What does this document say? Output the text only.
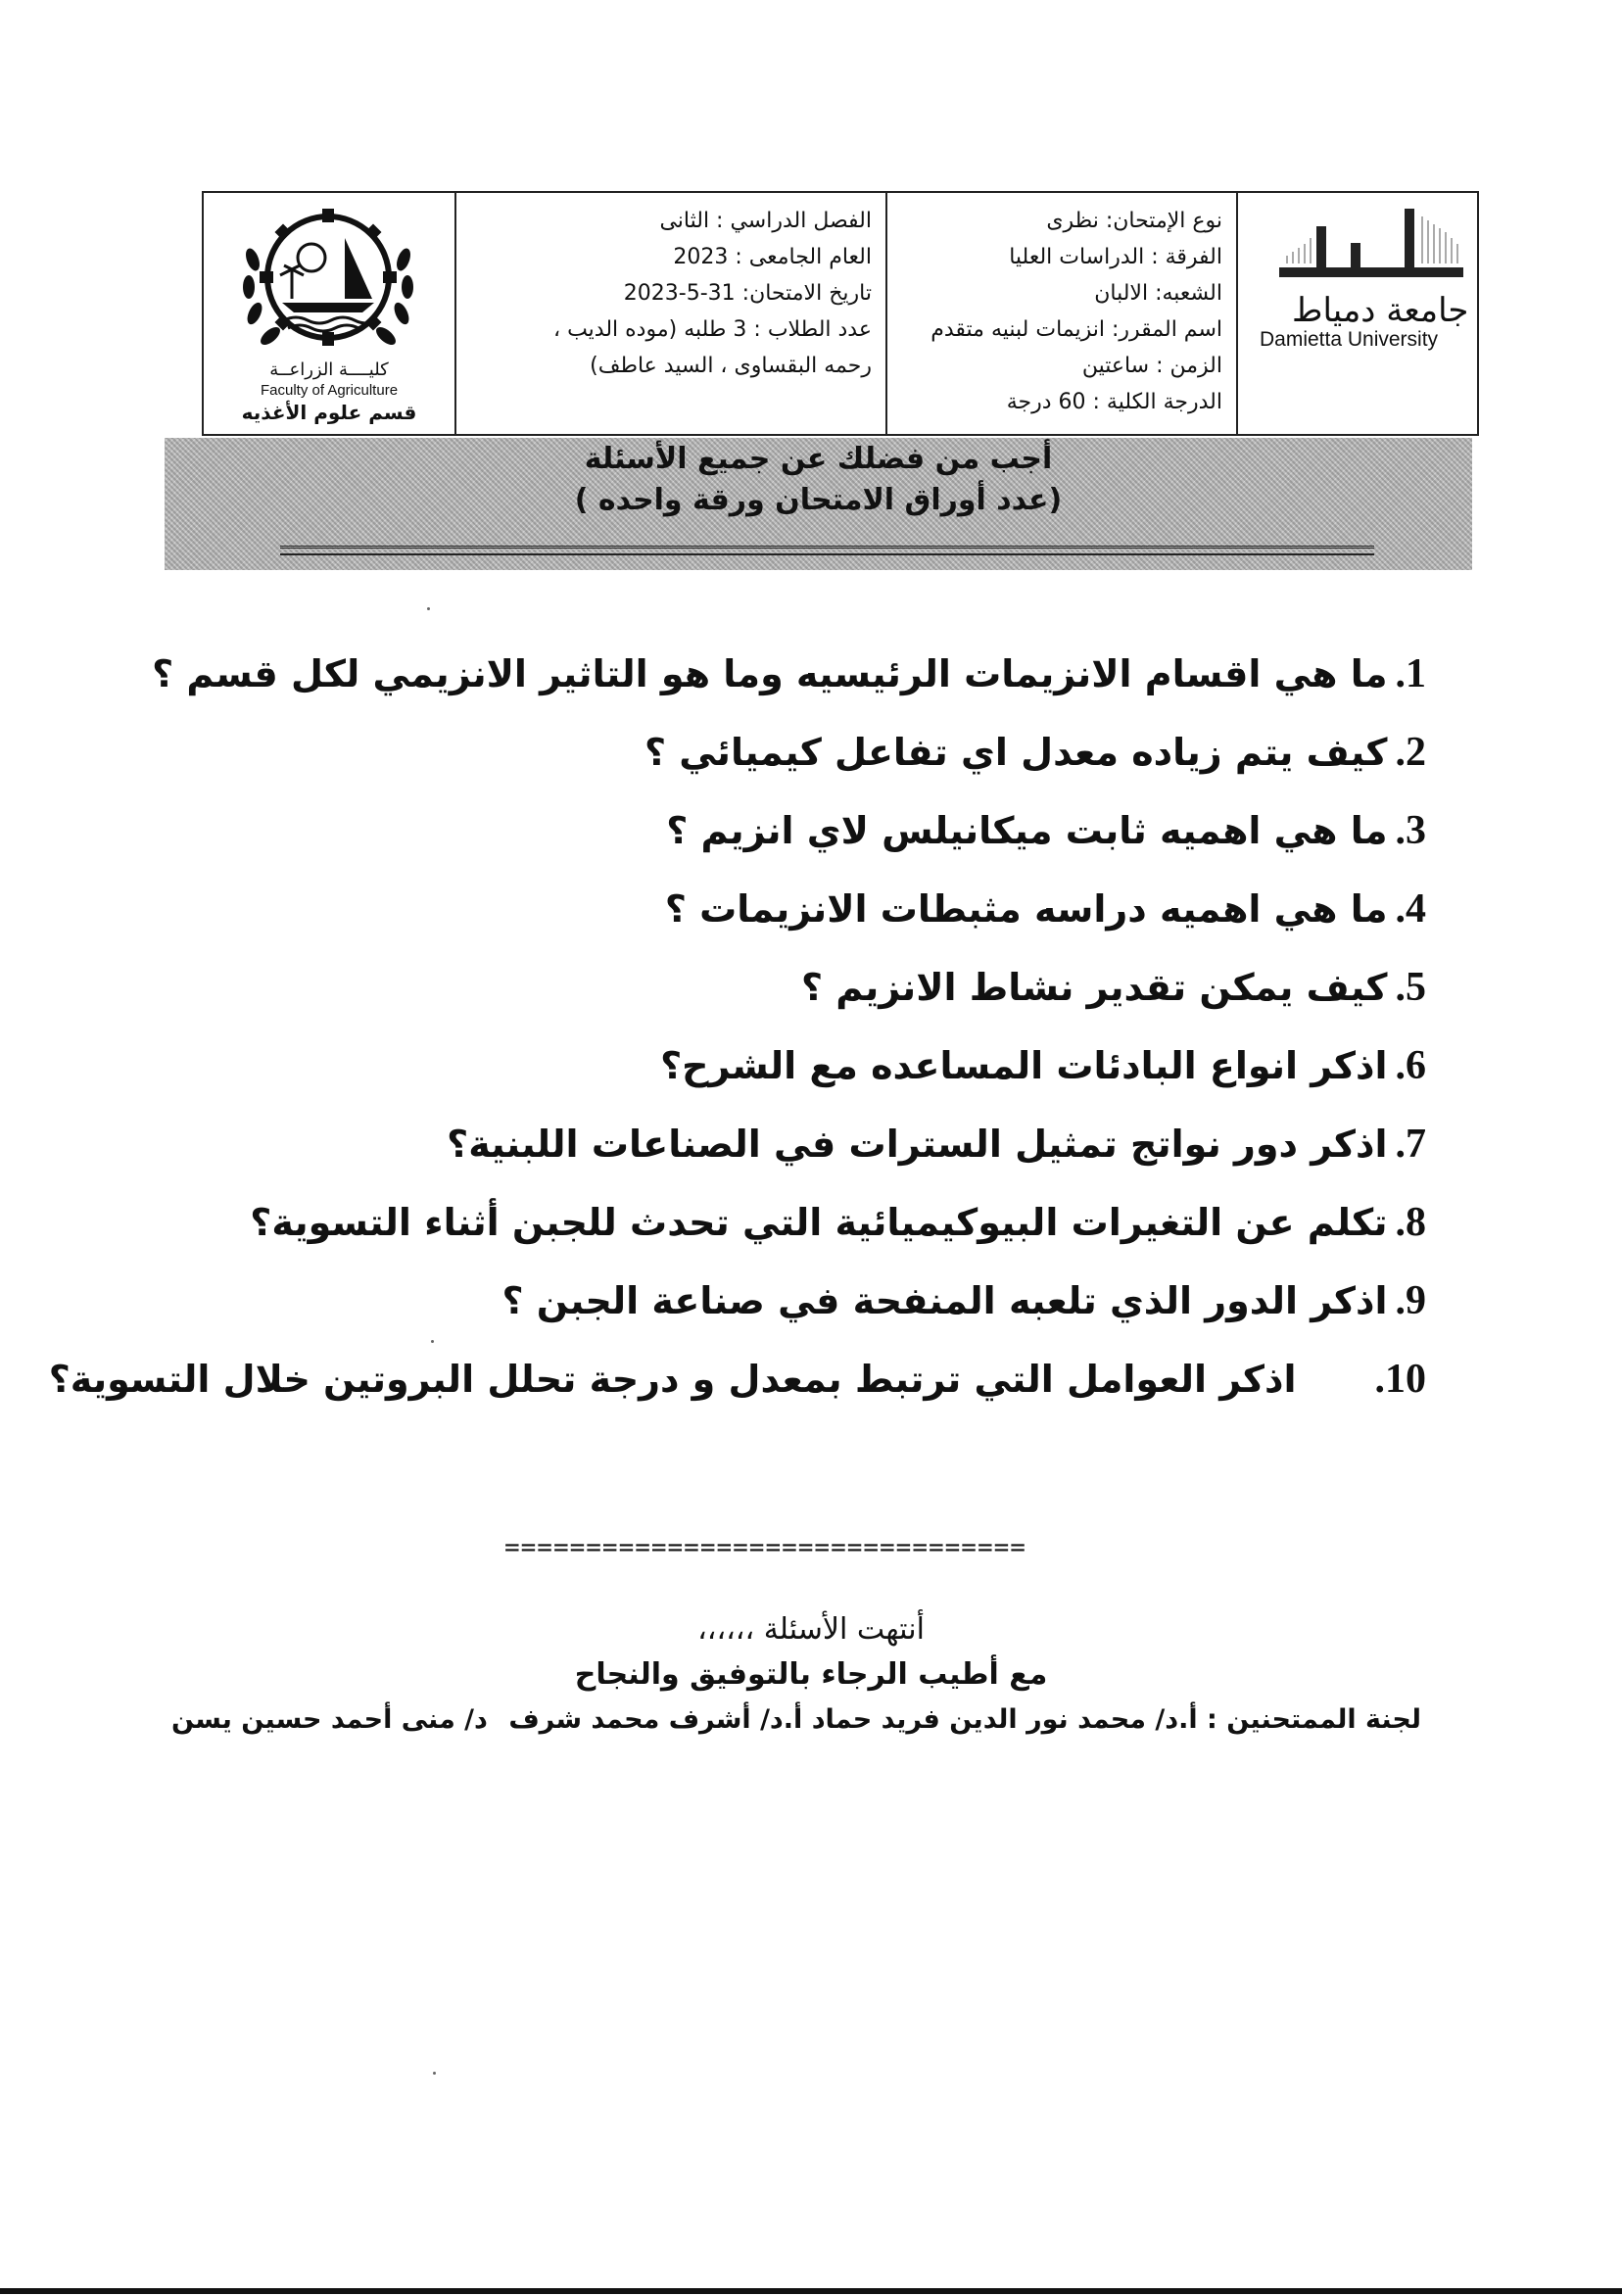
كليــــة الزراعــة
Faculty of Agriculture
قسم علوم الأغذيه
الفصل الدراسي : الثانى
العام الجامعى : 2023
تاريخ الامتحان: 31-5-2023
عدد الطلاب : 3 طلبه (موده الديب ،
رحمه البقساوى ، السيد عاطف)
نوع الإمتحان: نظرى
الفرقة : الدراسات العليا
الشعبه: الالبان
اسم المقرر: انزيمات لبنيه متقدم
الزمن : ساعتين
الدرجة الكلية : 60 درجة
جامعة دمياط
Damietta University
أجب من فضلك عن جميع الأسئلة
(عدد أوراق الامتحان ورقة واحده )
1.ما هي اقسام الانزيمات الرئيسيه وما هو التاثير الانزيمي لكل قسم ؟
2.كيف يتم زياده معدل اي تفاعل كيميائي ؟
3.ما هي اهميه ثابت ميكانيلس لاي انزيم ؟
4.ما هي اهميه دراسه مثبطات الانزيمات ؟
5.كيف يمكن تقدير نشاط الانزيم ؟
6.اذكر انواع البادئات المساعده مع الشرح؟
7.اذكر دور نواتج تمثيل السترات في الصناعات اللبنية؟
8.تكلم عن التغيرات البيوكيميائية التي تحدث للجبن أثناء التسوية؟
9.اذكر الدور الذي تلعبه المنفحة في صناعة الجبن ؟
10.اذكر العوامل التي ترتبط بمعدل و درجة تحلل البروتين خلال التسوية؟
================================
أنتهت الأسئلة ،،،،،،
مع أطيب الرجاء بالتوفيق والنجاح
لجنة الممتحنين : أ.د/ محمد نور الدين فريد حماد أ.د/ أشرف محمد شرف د/ منى أحمد حسين يسن
